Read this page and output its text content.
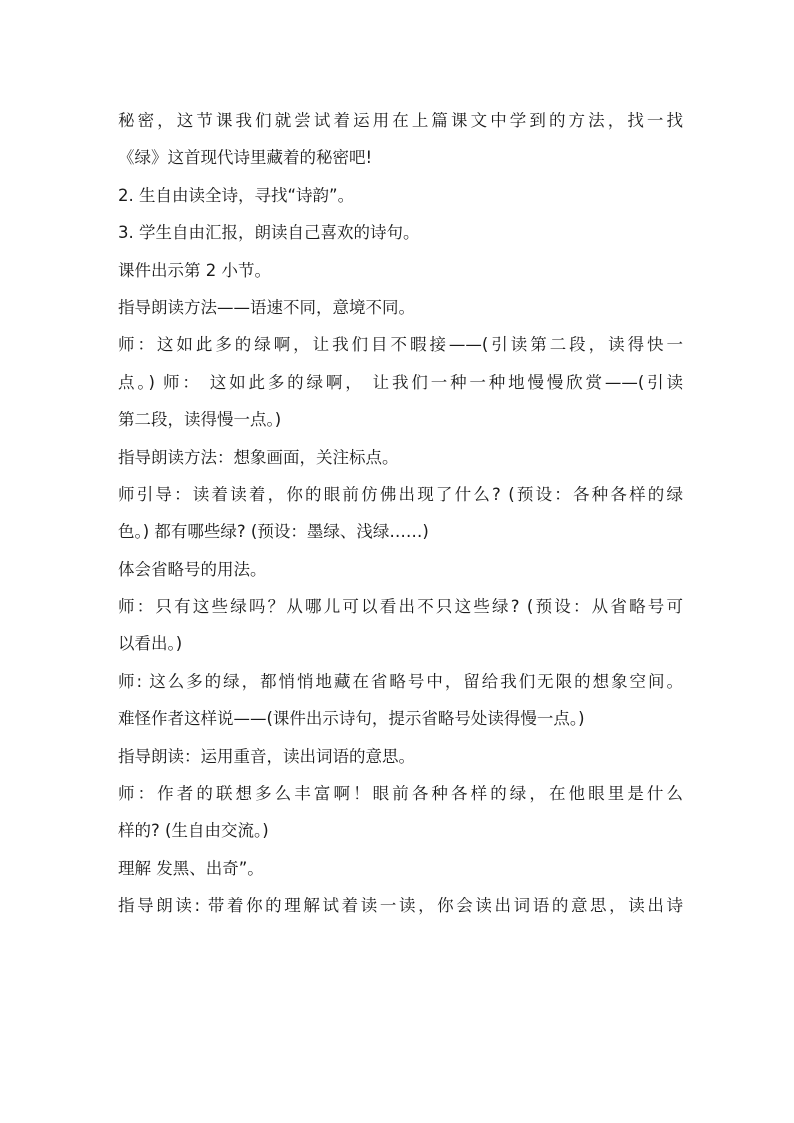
秘密，这节课我们就尝试着运用在上篇课文中学到的方法，找一找
《绿》这首现代诗里藏着的秘密吧!
2. 生自由读全诗，寻找“诗韵”。
3. 学生自由汇报，朗读自己喜欢的诗句。
课件出示第 2 小节。
指导朗读方法——语速不同，意境不同。
师：这如此多的绿啊，让我们目不暇接——(引读第二段，读得快一
点。) 师： 这如此多的绿啊， 让我们一种一种地慢慢欣赏——(引读
第二段，读得慢一点。)
指导朗读方法：想象画面，关注标点。
师引导：读着读着，你的眼前仿佛出现了什么? (预设：各种各样的绿
色。) 都有哪些绿? (预设：墨绿、浅绿……)
体会省略号的用法。
师：只有这些绿吗？从哪儿可以看出不只这些绿? (预设：从省略号可
以看出。)
师: 这么多的绿，都悄悄地藏在省略号中，留给我们无限的想象空间。
难怪作者这样说——(课件出示诗句，提示省略号处读得慢一点。)
指导朗读：运用重音，读出词语的意思。
师：作者的联想多么丰富啊！眼前各种各样的绿，在他眼里是什么
样的? (生自由交流。)
理解 发黑、出奇”。
指导朗读: 带着你的理解试着读一读，你会读出词语的意思，读出诗
